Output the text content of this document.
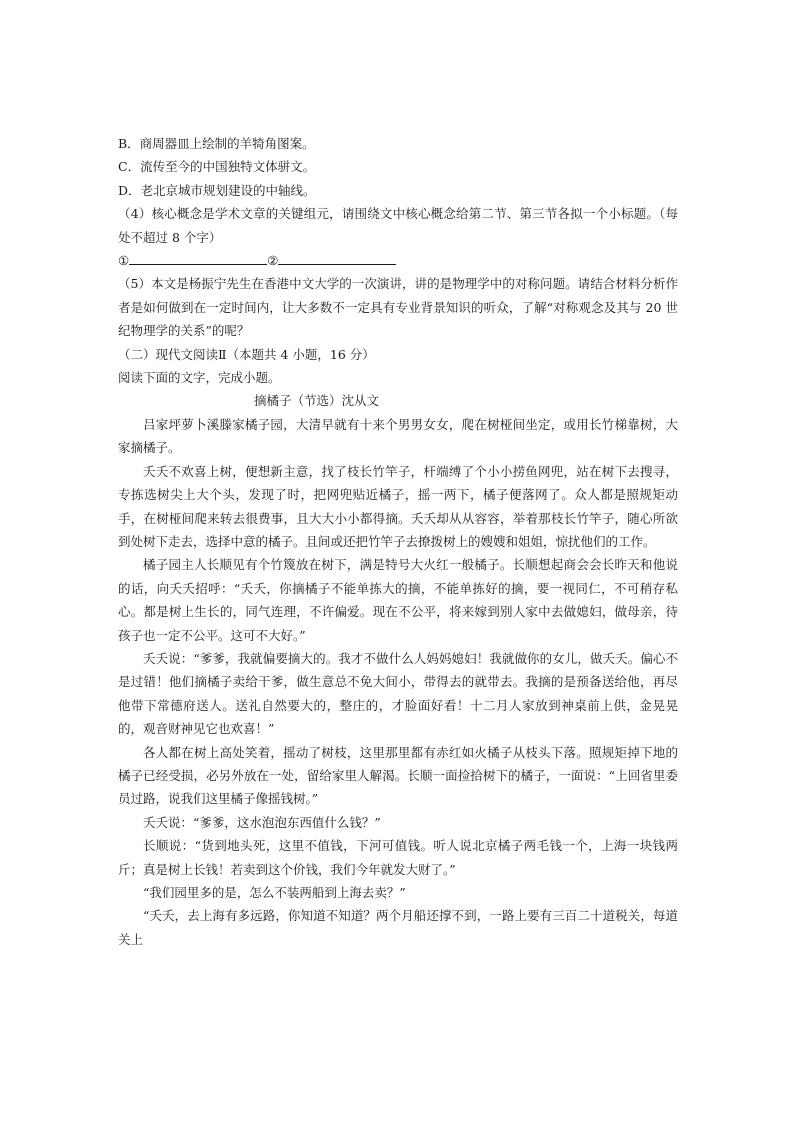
B．商周器皿上绘制的羊犄角图案。
C．流传至今的中国独特文体骈文。
D．老北京城市规划建设的中轴线。

（4）核心概念是学术文章的关键组元，请围绕文中核心概念给第二节、第三节各拟一个小标题。（每处不超过 8 个字）

①	②

（5）本文是杨振宁先生在香港中文大学的一次演讲，讲的是物理学中的对称问题。请结合材料分析作者是如何做到在一定时间内，让大多数不一定具有专业背景知识的听众，了解“对称观念及其与 20 世纪物理学的关系”的呢？

（二）现代文阅读Ⅱ（本题共 4 小题，16 分）
阅读下面的文字，完成小题。
摘橘子（节选）沈从文

吕家坪萝卜溪滕家橘子园，大清早就有十来个男男女女，爬在树桠间坐定，或用长竹梯靠树，大家摘橘子。

夭夭不欢喜上树，便想新主意，找了枝长竹竿子，杆端缚了个小小捞鱼网兜，站在树下去搜寻，专拣选树尖上大个头，发现了时，把网兜贴近橘子，摇一两下，橘子便落网了。众人都是照规矩动手，在树桠间爬来转去很费事，且大大小小都得摘。夭夭却从从容容，举着那枝长竹竿子，随心所欲到处树下走去，选择中意的橘子。且间或还把竹竿子去撩拨树上的嫂嫂和姐姐，惊扰他们的工作。

橘子园主人长顺见有个竹篾放在树下，满是特号大火红一般橘子。长顺想起商会会长昨天和他说的话，向夭夭招呼：“夭夭，你摘橘子不能单拣大的摘，不能单拣好的摘，要一视同仁，不可稍存私心。都是树上生长的，同气连理，不许偏爱。现在不公平，将来嫁到别人家中去做媳妇，做母亲，待孩子也一定不公平。这可不大好。”

夭夭说：“爹爹，我就偏要摘大的。我才不做什么人妈妈媳妇！我就做你的女儿，做夭夭。偏心不是过错！他们摘橘子卖给干爹，做生意总不免大间小，带得去的就带去。我摘的是预备送给他，再尽他带下常德府送人。送礼自然要大的，整庄的，才脸面好看！十二月人家放到神桌前上供，金晃晃的，观音财神见它也欢喜！”

各人都在树上高处笑着，摇动了树枝，这里那里都有赤红如火橘子从枝头下落。照规矩掉下地的橘子已经受损，必另外放在一处，留给家里人解渴。长顺一面捡拾树下的橘子，一面说：“上回省里委员过路，说我们这里橘子像摇钱树。”

夭夭说：“爹爹，这水泡泡东西值什么钱？”

长顺说：“货到地头死，这里不值钱，下河可值钱。听人说北京橘子两毛钱一个，上海一块钱两斤；真是树上长钱！若卖到这个价钱，我们今年就发大财了。”

“我们园里多的是，怎么不装两船到上海去卖？”

“夭夭，去上海有多远路，你知道不知道？两个月船还撑不到，一路上要有三百二十道税关，每道关上
